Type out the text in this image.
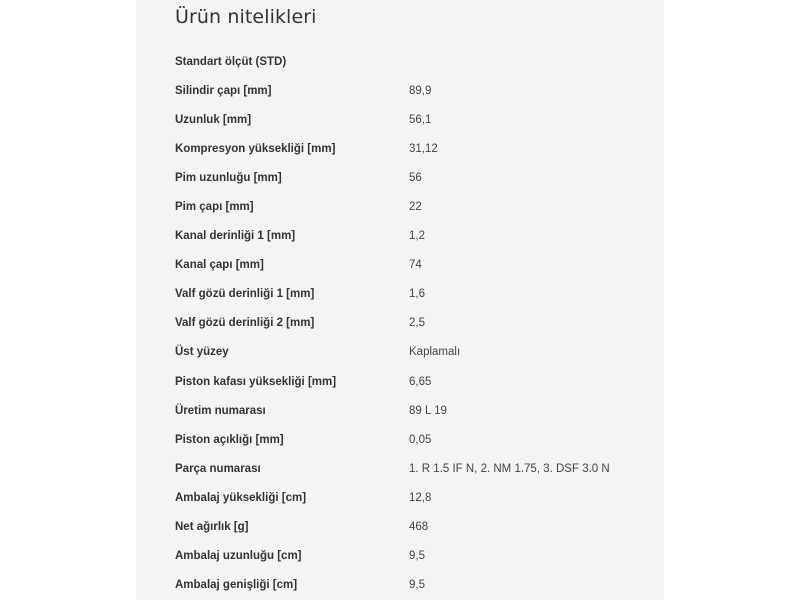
Ürün nitelikleri
Standart ölçüt (STD)
Silindir çapı [mm]	89,9
Uzunluk [mm]	56,1
Kompresyon yüksekliği [mm]	31,12
Pim uzunluğu [mm]	56
Pim çapı [mm]	22
Kanal derinliği 1 [mm]	1,2
Kanal çapı [mm]	74
Valf gözü derinliği 1 [mm]	1,6
Valf gözü derinliği 2 [mm]	2,5
Üst yüzey	Kaplamalı
Piston kafası yüksekliği [mm]	6,65
Üretim numarası	89 L 19
Piston açıklığı [mm]	0,05
Parça numarası	1. R 1.5 IF N, 2. NM 1.75, 3. DSF 3.0 N
Ambalaj yüksekliği [cm]	12,8
Net ağırlık [g]	468
Ambalaj uzunluğu [cm]	9,5
Ambalaj genişliği [cm]	9,5
